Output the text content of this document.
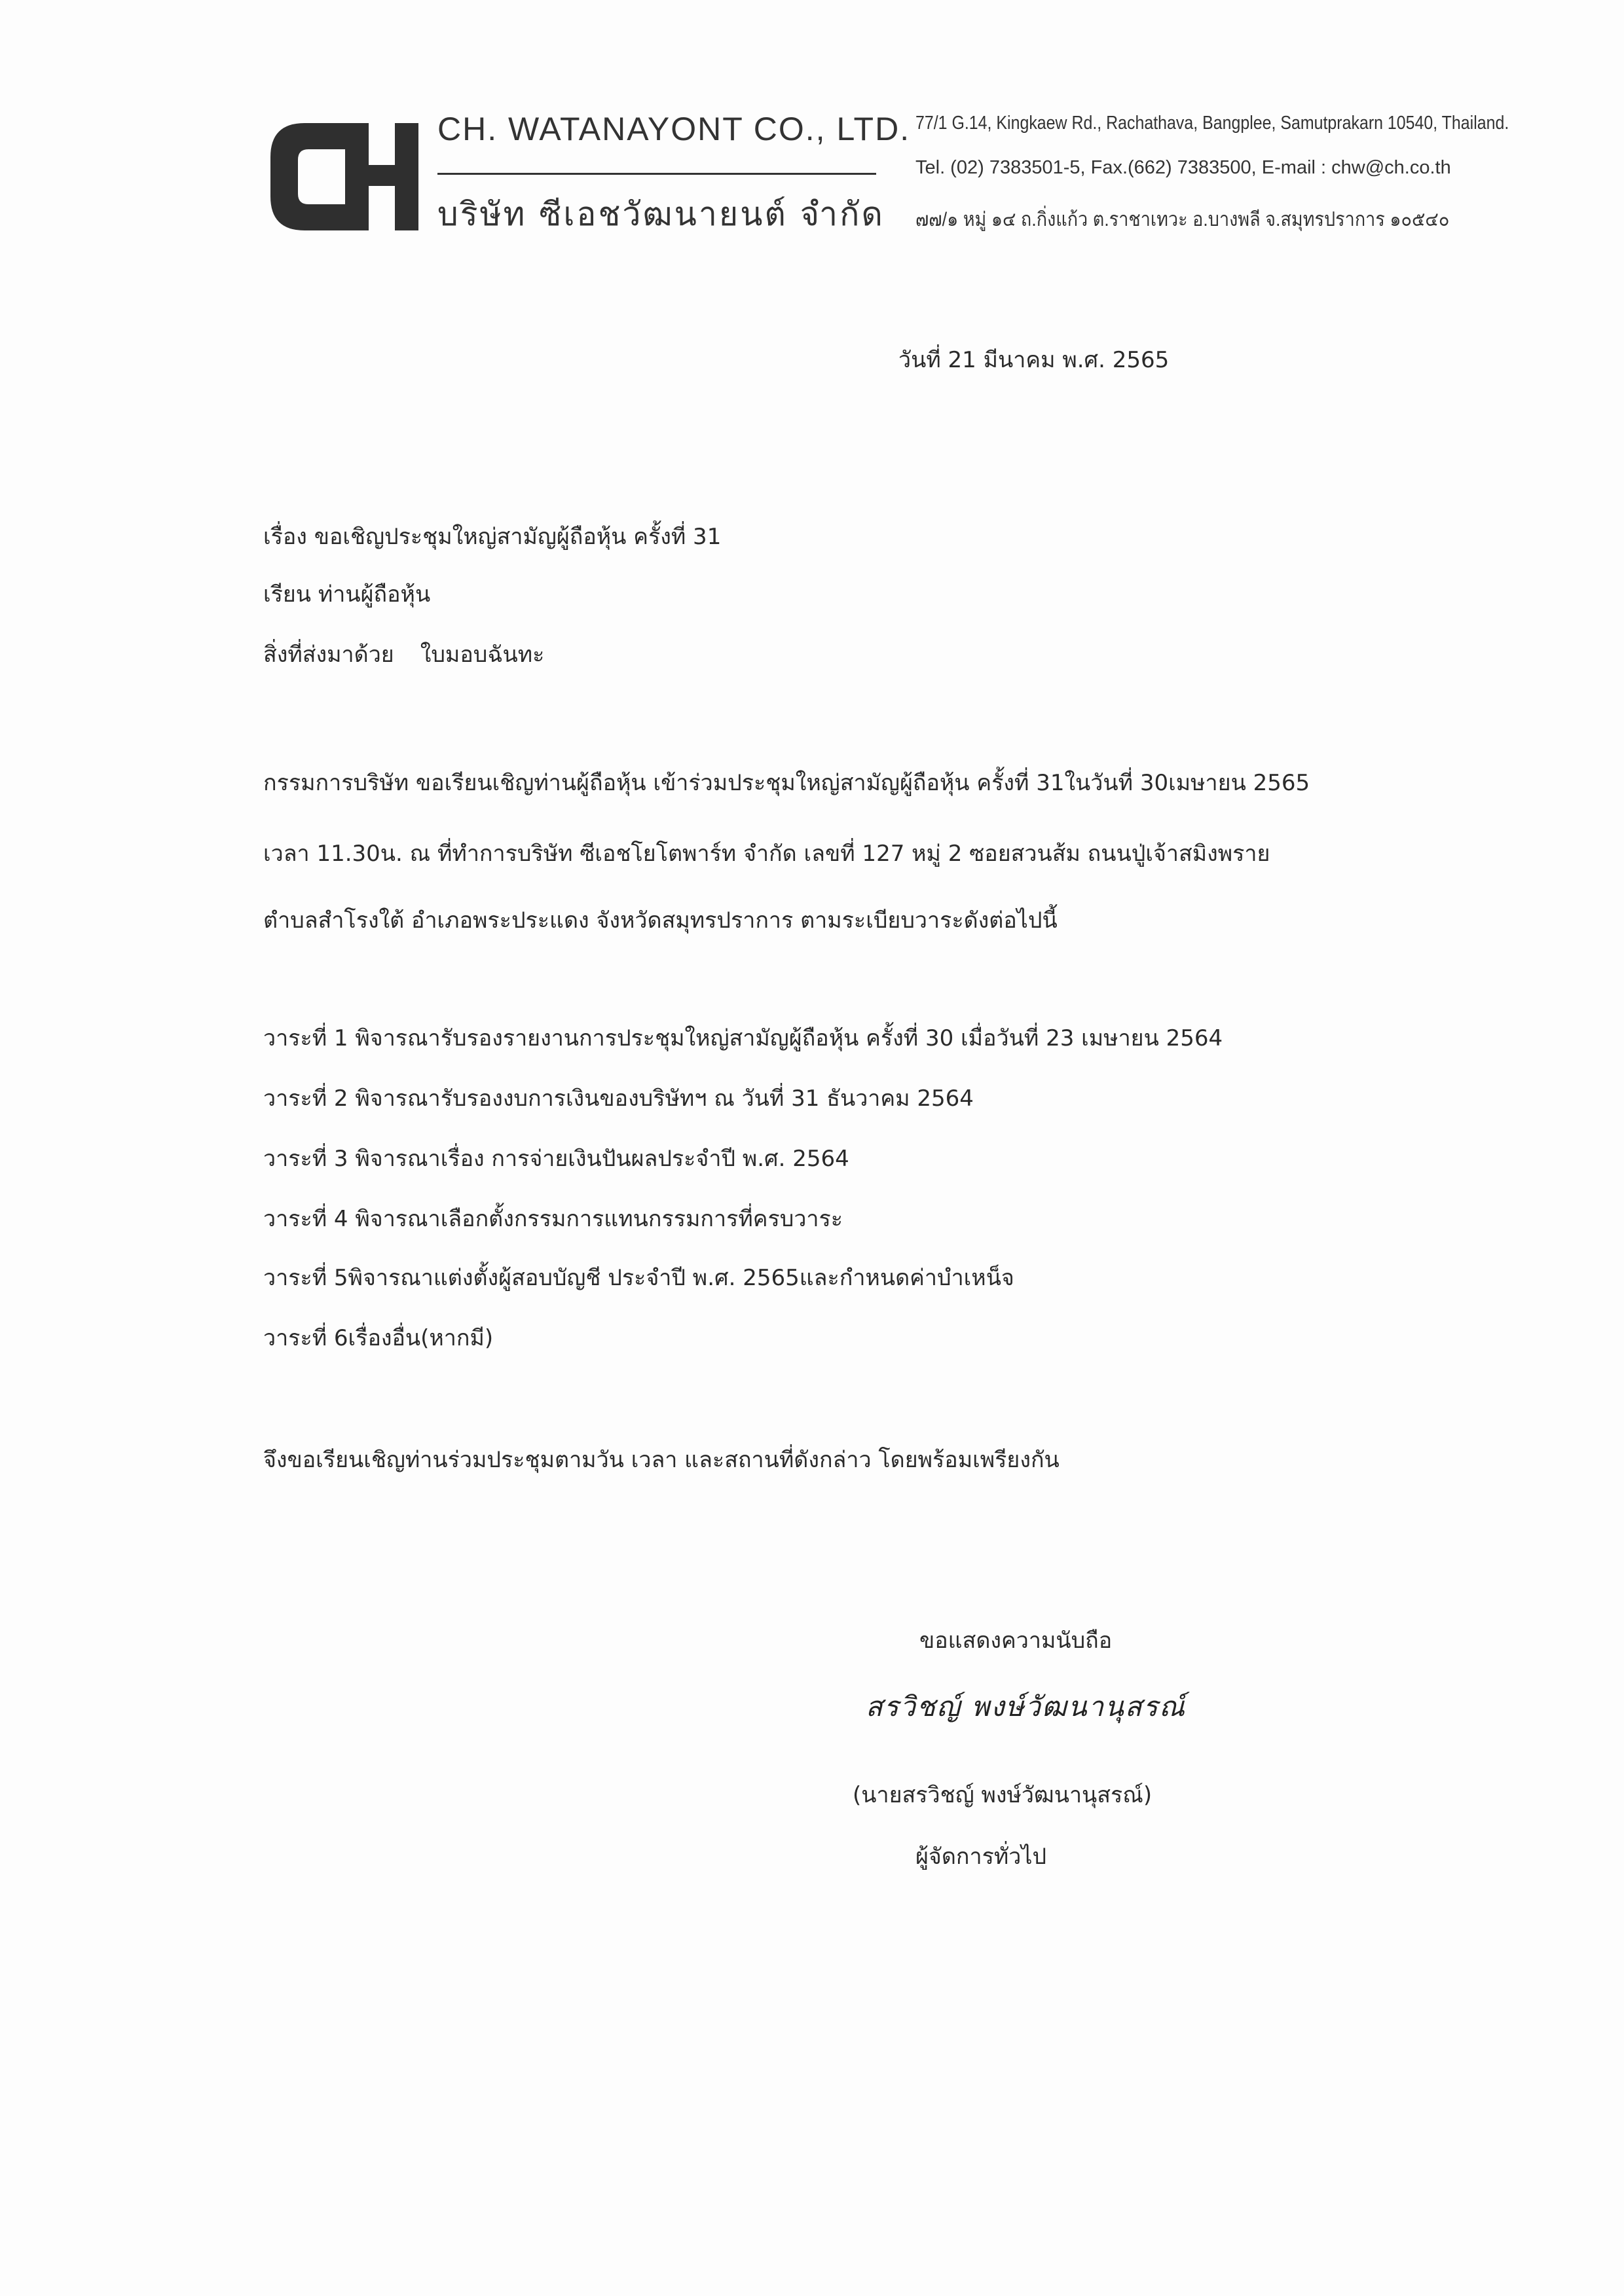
CH. WATANAYONT CO., LTD.
บริษัท ซีเอชวัฒนายนต์ จำกัด
77/1 G.14, Kingkaew Rd., Rachathava, Bangplee, Samutprakarn 10540, Thailand.
Tel. (02) 7383501-5, Fax.(662) 7383500, E-mail : chw@ch.co.th
๗๗/๑ หมู่ ๑๔ ถ.กิ่งแก้ว ต.ราชาเทวะ อ.บางพลี จ.สมุทรปราการ ๑๐๕๔๐
วันที่ 21 มีนาคม พ.ศ. 2565
เรื่อง ขอเชิญประชุมใหญ่สามัญผู้ถือหุ้น ครั้งที่ 31
เรียน ท่านผู้ถือหุ้น
สิ่งที่ส่งมาด้วย ใบมอบฉันทะ
กรรมการบริษัท ขอเรียนเชิญท่านผู้ถือหุ้น เข้าร่วมประชุมใหญ่สามัญผู้ถือหุ้น ครั้งที่ 31ในวันที่ 30เมษายน 2565
เวลา 11.30น. ณ ที่ทำการบริษัท ซีเอชโยโตพาร์ท จำกัด เลขที่ 127 หมู่ 2 ซอยสวนส้ม ถนนปู่เจ้าสมิงพราย
ตำบลสำโรงใต้ อำเภอพระประแดง จังหวัดสมุทรปราการ ตามระเบียบวาระดังต่อไปนี้
วาระที่ 1 พิจารณารับรองรายงานการประชุมใหญ่สามัญผู้ถือหุ้น ครั้งที่ 30 เมื่อวันที่ 23 เมษายน 2564
วาระที่ 2 พิจารณารับรองงบการเงินของบริษัทฯ ณ วันที่ 31 ธันวาคม 2564
วาระที่ 3 พิจารณาเรื่อง การจ่ายเงินปันผลประจำปี พ.ศ. 2564
วาระที่ 4 พิจารณาเลือกตั้งกรรมการแทนกรรมการที่ครบวาระ
วาระที่ 5พิจารณาแต่งตั้งผู้สอบบัญชี ประจำปี พ.ศ. 2565และกำหนดค่าบำเหน็จ
วาระที่ 6เรื่องอื่น(หากมี)
จึงขอเรียนเชิญท่านร่วมประชุมตามวัน เวลา และสถานที่ดังกล่าว โดยพร้อมเพรียงกัน
ขอแสดงความนับถือ
สรวิชญ์ พงษ์วัฒนานุสรณ์
(นายสรวิชญ์ พงษ์วัฒนานุสรณ์)
ผู้จัดการทั่วไป
